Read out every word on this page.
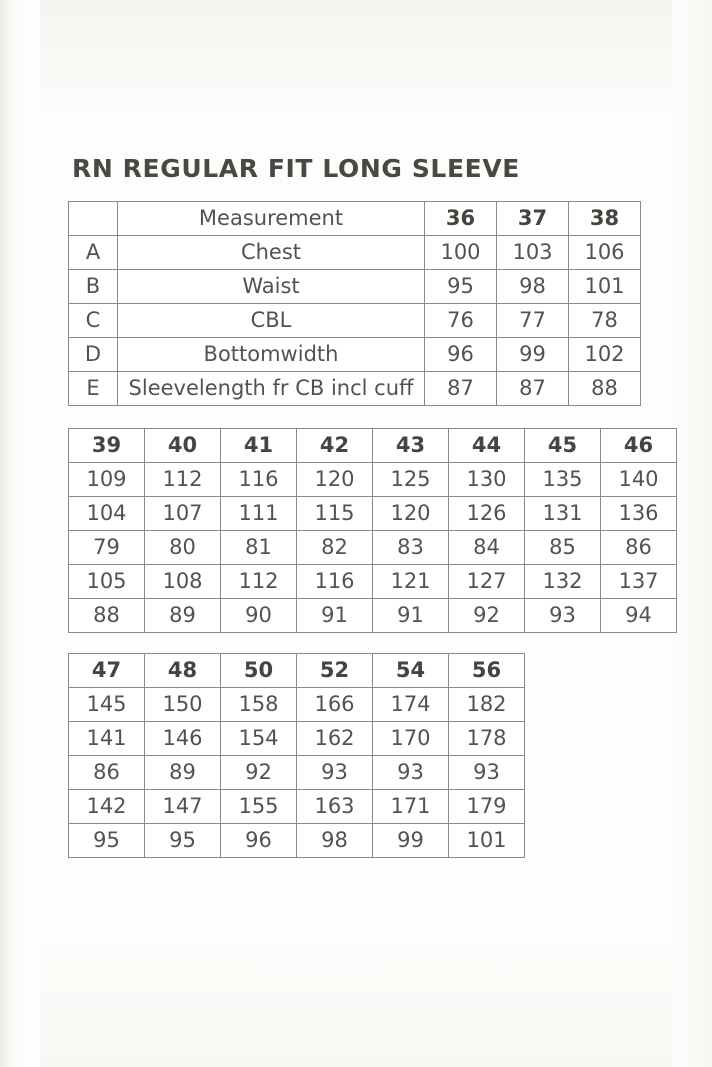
RN REGULAR FIT LONG SLEEVE
	Measurement	36	37	38
A	Chest	100	103	106
B	Waist	95	98	101
C	CBL	76	77	78
D	Bottomwidth	96	99	102
E	Sleevelength fr CB incl cuff	87	87	88
39	40	41	42	43	44	45	46
109	112	116	120	125	130	135	140
104	107	111	115	120	126	131	136
79	80	81	82	83	84	85	86
105	108	112	116	121	127	132	137
88	89	90	91	91	92	93	94
47	48	50	52	54	56
145	150	158	166	174	182
141	146	154	162	170	178
86	89	92	93	93	93
142	147	155	163	171	179
95	95	96	98	99	101
